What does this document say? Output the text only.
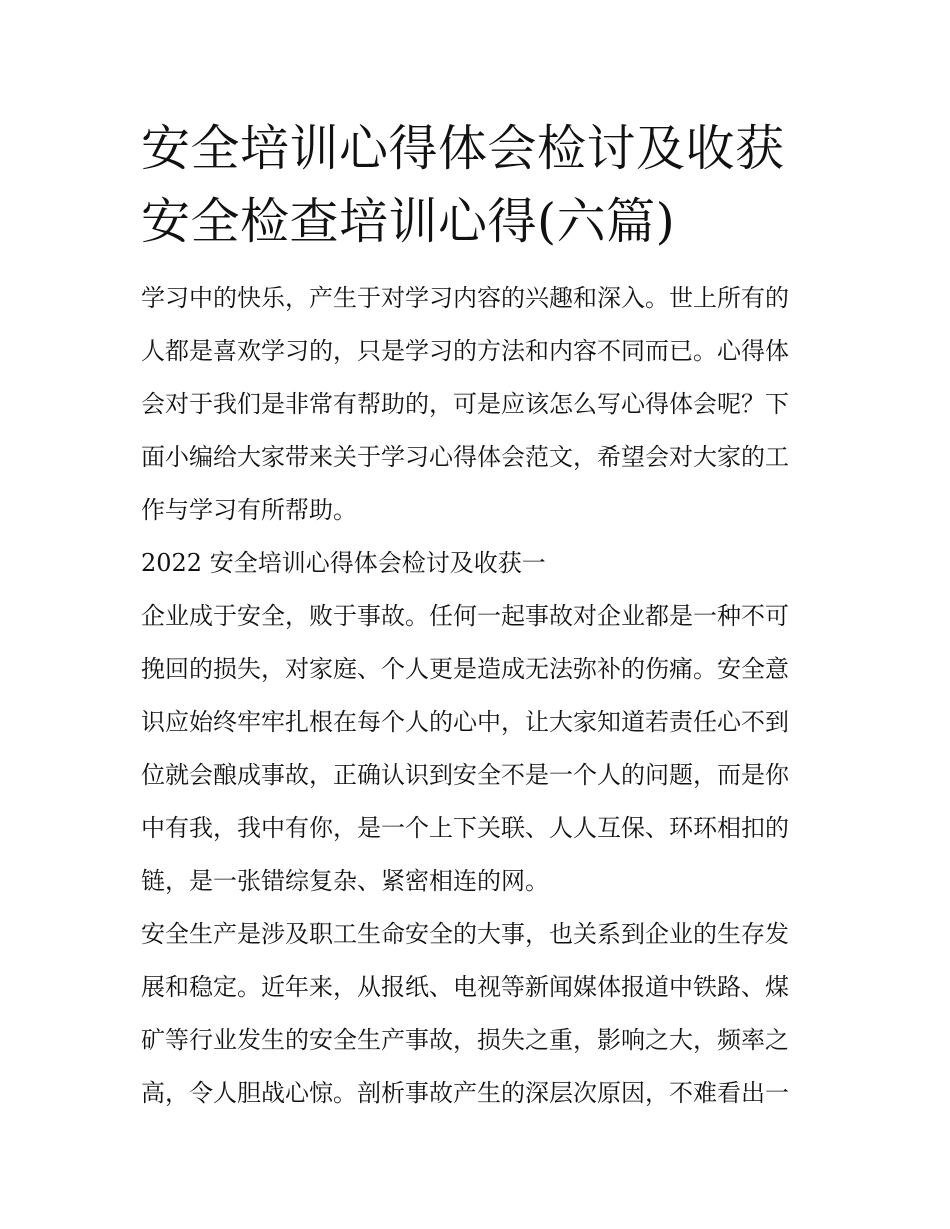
安全培训心得体会检讨及收获
安全检查培训心得(六篇)

学习中的快乐，产生于对学习内容的兴趣和深入。世上所有的
人都是喜欢学习的，只是学习的方法和内容不同而已。心得体
会对于我们是非常有帮助的，可是应该怎么写心得体会呢？下
面小编给大家带来关于学习心得体会范文，希望会对大家的工
作与学习有所帮助。

2022 安全培训心得体会检讨及收获一

企业成于安全，败于事故。任何一起事故对企业都是一种不可
挽回的损失，对家庭、个人更是造成无法弥补的伤痛。安全意
识应始终牢牢扎根在每个人的心中，让大家知道若责任心不到
位就会酿成事故，正确认识到安全不是一个人的问题，而是你
中有我，我中有你，是一个上下关联、人人互保、环环相扣的
链，是一张错综复杂、紧密相连的网。

安全生产是涉及职工生命安全的大事，也关系到企业的生存发
展和稳定。近年来，从报纸、电视等新闻媒体报道中铁路、煤
矿等行业发生的安全生产事故，损失之重，影响之大，频率之
高，令人胆战心惊。剖析事故产生的深层次原因，不难看出一
